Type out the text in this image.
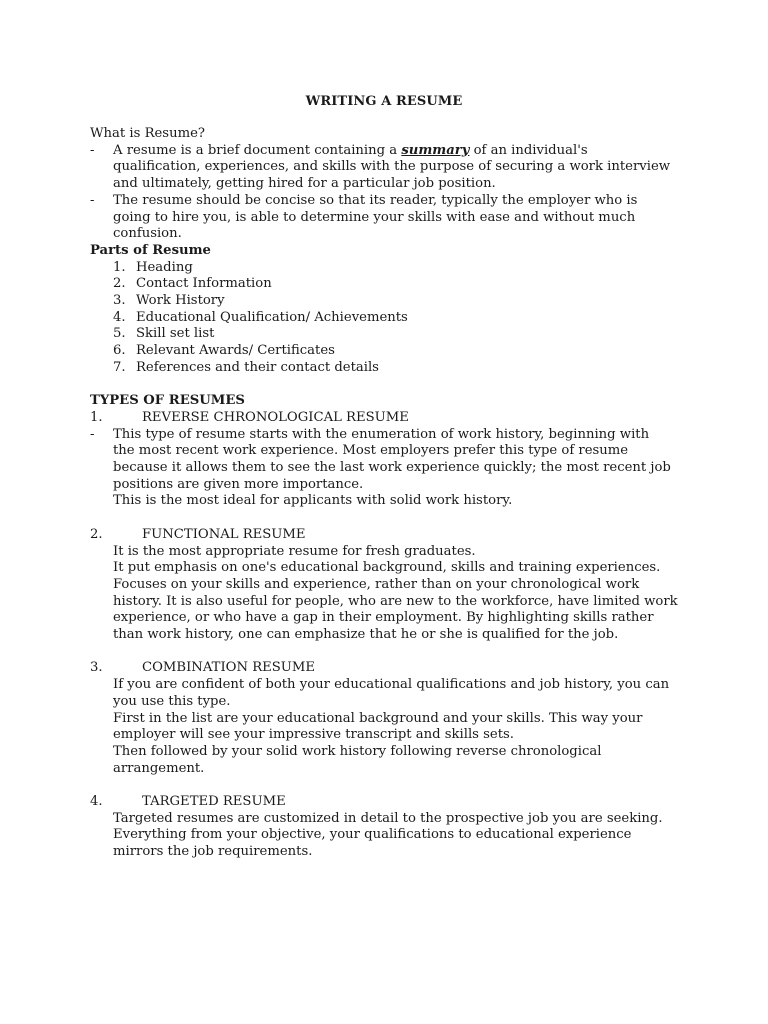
WRITING A RESUME
What is Resume?
- A resume is a brief document containing a summary of an individual's
qualification, experiences, and skills with the purpose of securing a work interview
and ultimately, getting hired for a particular job position.
- The resume should be concise so that its reader, typically the employer who is
going to hire you, is able to determine your skills with ease and without much
confusion.
Parts of Resume
1. Heading
2. Contact Information
3. Work History
4. Educational Qualification/ Achievements
5. Skill set list
6. Relevant Awards/ Certificates
7. References and their contact details
TYPES OF RESUMES
1.	REVERSE CHRONOLOGICAL RESUME
- This type of resume starts with the enumeration of work history, beginning with
the most recent work experience. Most employers prefer this type of resume
because it allows them to see the last work experience quickly; the most recent job
positions are given more importance.
This is the most ideal for applicants with solid work history.
2.	FUNCTIONAL RESUME
It is the most appropriate resume for fresh graduates.
It put emphasis on one's educational background, skills and training experiences.
Focuses on your skills and experience, rather than on your chronological work
history. It is also useful for people, who are new to the workforce, have limited work
experience, or who have a gap in their employment. By highlighting skills rather
than work history, one can emphasize that he or she is qualified for the job.
3.	COMBINATION RESUME
If you are confident of both your educational qualifications and job history, you can
you use this type.
First in the list are your educational background and your skills. This way your
employer will see your impressive transcript and skills sets.
Then followed by your solid work history following reverse chronological
arrangement.
4.	TARGETED RESUME
Targeted resumes are customized in detail to the prospective job you are seeking.
Everything from your objective, your qualifications to educational experience
mirrors the job requirements.
